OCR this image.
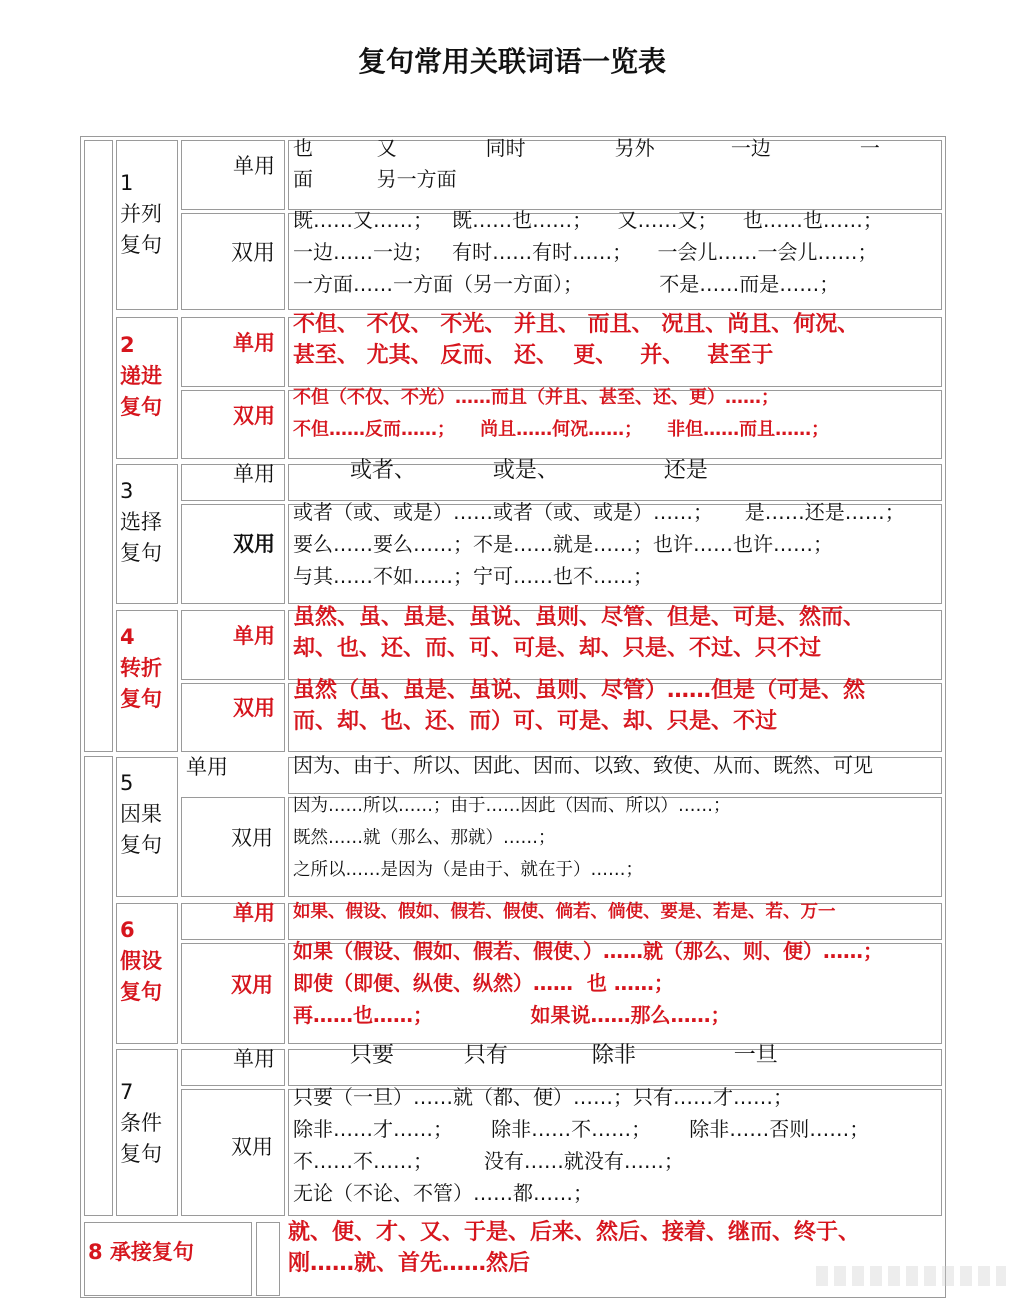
复句常用关联词语一览表
1
并列
复句
单用
也          又              同时              另外            一边              一
面          另一方面
双用
既……又……；   既……也……；    又……又；    也……也……；
一边……一边；   有时……有时……；    一会儿……一会儿……；
一方面……一方面（另一方面）；            不是……而是……；
2
递进
复句
单用
不但、 不仅、 不光、 并且、 而且、 况且、尚且、何况、
甚至、 尤其、 反而、 还、  更、   并、   甚至于
双用
不但（不仅、不光）……而且（并且、甚至、还、更）……；
不但……反而……；    尚且……何况……；    非但……而且……；
3
选择
复句
单用	或者、           或是、               还是
双用
或者（或、或是）……或者（或、或是）……；     是……还是……；
要么……要么……；不是……就是……；也许……也许……；
与其……不如……；宁可……也不……；
4
转折
复句
单用
虽然、虽、虽是、虽说、虽则、尽管、但是、可是、然而、
却、也、还、而、可、可是、却、只是、不过、只不过
双用
虽然（虽、虽是、虽说、虽则、尽管）……但是（可是、然
而、却、也、还、而）可、可是、却、只是、不过
5
因果
复句
单用	因为、由于、所以、因此、因而、以致、致使、从而、既然、可见
双用
因为……所以……；由于……因此（因而、所以）……；
既然……就（那么、那就）……；
之所以……是因为（是由于、就在于）……；
6
假设
复句
单用 如果、假设、假如、假若、假使、倘若、倘使、要是、若是、若、万一
双用
如果（假设、假如、假若、假使、）……就（那么、则、便）……；
即使（即便、纵使、纵然）……  也 ……；
再……也……；              如果说……那么……；
7
条件
复句
单用	只要          只有            除非              一旦
双用
只要（一旦）……就（都、便）……；只有……才……；
除非……才……；      除非……不……；      除非……否则……；
不……不……；        没有……就没有……；
无论（不论、不管）……都……；
8 承接复句
就、便、才、又、于是、后来、然后、接着、继而、终于、
刚……就、首先……然后
